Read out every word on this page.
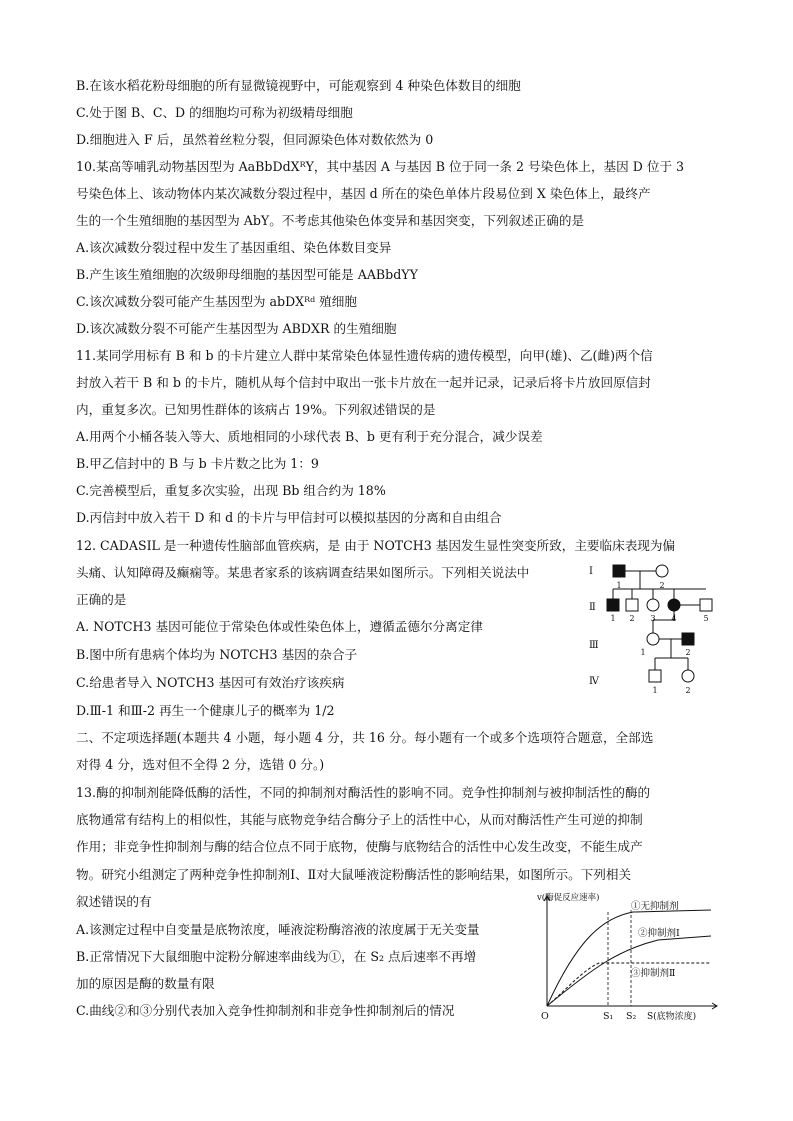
B.在该水稻花粉母细胞的所有显微镜视野中，可能观察到 4 种染色体数目的细胞
C.处于图 B、C、D 的细胞均可称为初级精母细胞
D.细胞进入 F 后，虽然着丝粒分裂，但同源染色体对数依然为 0
10.某高等哺乳动物基因型为 AaBbDdXᴿY，其中基因 A 与基因 B 位于同一条 2 号染色体上，基因 D 位于 3
号染色体上、该动物体内某次减数分裂过程中，基因 d 所在的染色单体片段易位到 X 染色体上，最终产
生的一个生殖细胞的基因型为 AbY。不考虑其他染色体变异和基因突变，下列叙述正确的是
A.该次减数分裂过程中发生了基因重组、染色体数目变异
B.产生该生殖细胞的次级卵母细胞的基因型可能是 AABbdYY
C.该次减数分裂可能产生基因型为 abDXᴿᵈ 殖细胞
D.该次减数分裂不可能产生基因型为 ABDXR 的生殖细胞
11.某同学用标有 B 和 b 的卡片建立人群中某常染色体显性遗传病的遗传模型，向甲(雄)、乙(雌)两个信
封放入若干 B 和 b 的卡片，随机从每个信封中取出一张卡片放在一起并记录，记录后将卡片放回原信封
内，重复多次。已知男性群体的该病占 19%。下列叙述错误的是
A.用两个小桶各装入等大、质地相同的小球代表 B、b 更有利于充分混合，减少误差
B.甲乙信封中的 B 与 b 卡片数之比为 1：9
C.完善模型后，重复多次实验，出现 Bb 组合约为 18%
D.丙信封中放入若干 D 和 d 的卡片与甲信封可以模拟基因的分离和自由组合
12. CADASIL 是一种遗传性脑部血管疾病，是 由于 NOTCH3 基因发生显性突变所致，主要临床表现为偏
头痛、认知障碍及癫痫等。某患者家系的该病调查结果如图所示。下列相关说法中
正确的是
A. NOTCH3 基因可能位于常染色体或性染色体上，遵循孟德尔分离定律
B.图中所有患病个体均为 NOTCH3 基因的杂合子
C.给患者导入 NOTCH3 基因可有效治疗该疾病
D.Ⅲ-1 和Ⅲ-2 再生一个健康儿子的概率为 1/2
二、不定项选择题(本题共 4 小题，每小题 4 分，共 16 分。每小题有一个或多个选项符合题意，全部选
对得 4 分，选对但不全得 2 分，选错 0 分。)
13.酶的抑制剂能降低酶的活性，不同的抑制剂对酶活性的影响不同。竞争性抑制剂与被抑制活性的酶的
底物通常有结构上的相似性，其能与底物竞争结合酶分子上的活性中心，从而对酶活性产生可逆的抑制
作用；非竞争性抑制剂与酶的结合位点不同于底物，使酶与底物结合的活性中心发生改变，不能生成产
物。研究小组测定了两种竞争性抑制剂Ⅰ、Ⅱ对大鼠唾液淀粉酶活性的影响结果，如图所示。下列相关
叙述错误的有
A.该测定过程中自变量是底物浓度，唾液淀粉酶溶液的浓度属于无关变量
B.正常情况下大鼠细胞中淀粉分解速率曲线为①，在 S₂ 点后速率不再增
加的原因是酶的数量有限
C.曲线②和③分别代表加入竞争性抑制剂和非竞争性抑制剂后的情况
Ⅰ
Ⅱ
Ⅲ
Ⅳ
1	2
1 2 3 4	5
1	2
1	2
v(酶促反应速率)
①无抑制剂
②抑制剂Ⅰ
③抑制剂Ⅱ
O	S₁ S₂ S(底物浓度)
